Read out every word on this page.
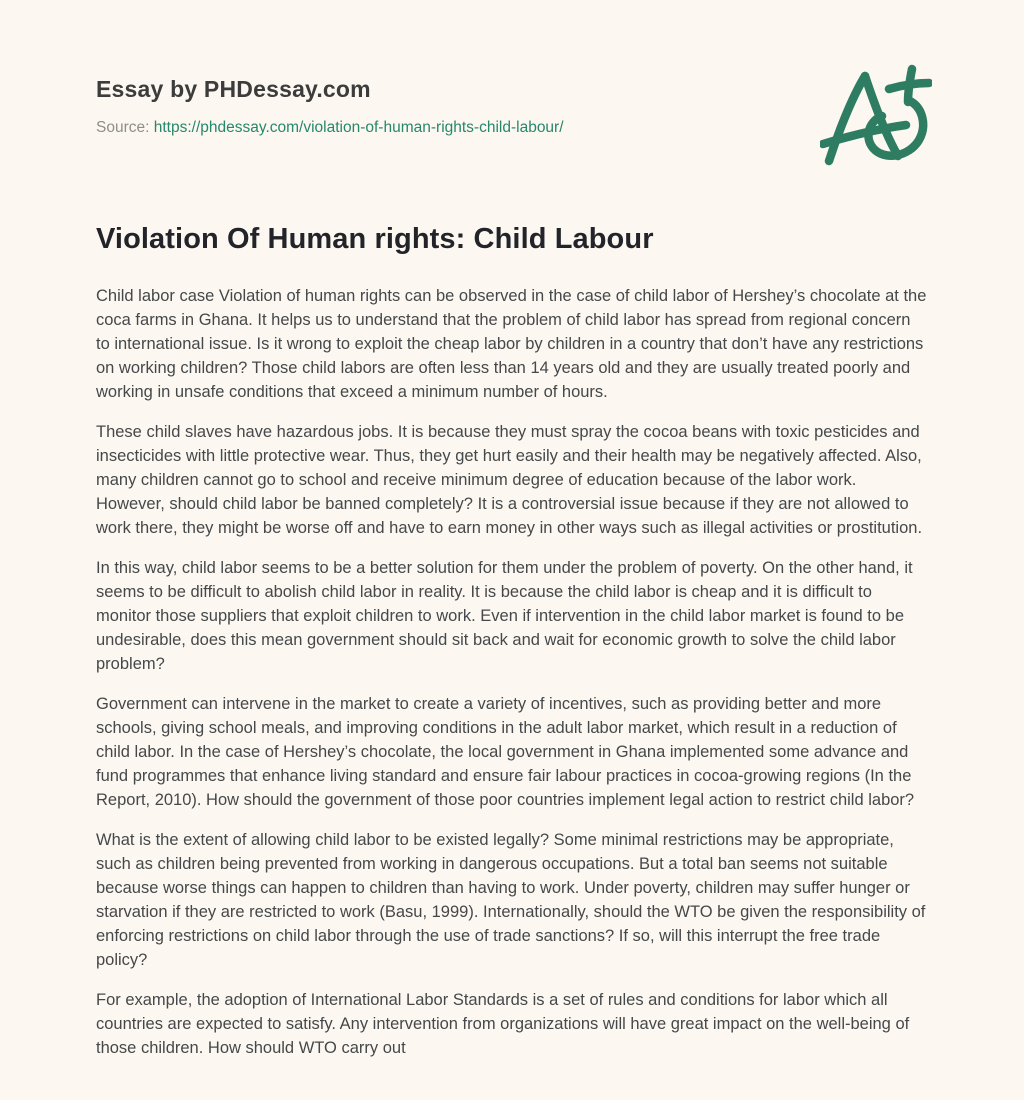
Essay by PHDessay.com

Source: https://phdessay.com/violation-of-human-rights-child-labour/

Violation Of Human rights: Child Labour

Child labor case Violation of human rights can be observed in the case of child labor of Hershey’s chocolate at the coca farms in Ghana. It helps us to understand that the problem of child labor has spread from regional concern to international issue. Is it wrong to exploit the cheap labor by children in a country that don’t have any restrictions on working children? Those child labors are often less than 14 years old and they are usually treated poorly and working in unsafe conditions that exceed a minimum number of hours.

These child slaves have hazardous jobs. It is because they must spray the cocoa beans with toxic pesticides and insecticides with little protective wear. Thus, they get hurt easily and their health may be negatively affected. Also, many children cannot go to school and receive minimum degree of education because of the labor work. However, should child labor be banned completely? It is a controversial issue because if they are not allowed to work there, they might be worse off and have to earn money in other ways such as illegal activities or prostitution.

In this way, child labor seems to be a better solution for them under the problem of poverty. On the other hand, it seems to be difficult to abolish child labor in reality. It is because the child labor is cheap and it is difficult to monitor those suppliers that exploit children to work. Even if intervention in the child labor market is found to be undesirable, does this mean government should sit back and wait for economic growth to solve the child labor problem?

Government can intervene in the market to create a variety of incentives, such as providing better and more schools, giving school meals, and improving conditions in the adult labor market, which result in a reduction of child labor. In the case of Hershey’s chocolate, the local government in Ghana implemented some advance and fund programmes that enhance living standard and ensure fair labour practices in cocoa-growing regions (In the Report, 2010). How should the government of those poor countries implement legal action to restrict child labor?

What is the extent of allowing child labor to be existed legally? Some minimal restrictions may be appropriate, such as children being prevented from working in dangerous occupations. But a total ban seems not suitable because worse things can happen to children than having to work. Under poverty, children may suffer hunger or starvation if they are restricted to work (Basu, 1999). Internationally, should the WTO be given the responsibility of enforcing restrictions on child labor through the use of trade sanctions? If so, will this interrupt the free trade policy?

For example, the adoption of International Labor Standards is a set of rules and conditions for labor which all countries are expected to satisfy. Any intervention from organizations will have great impact on the well-being of those children. How should WTO carry out
